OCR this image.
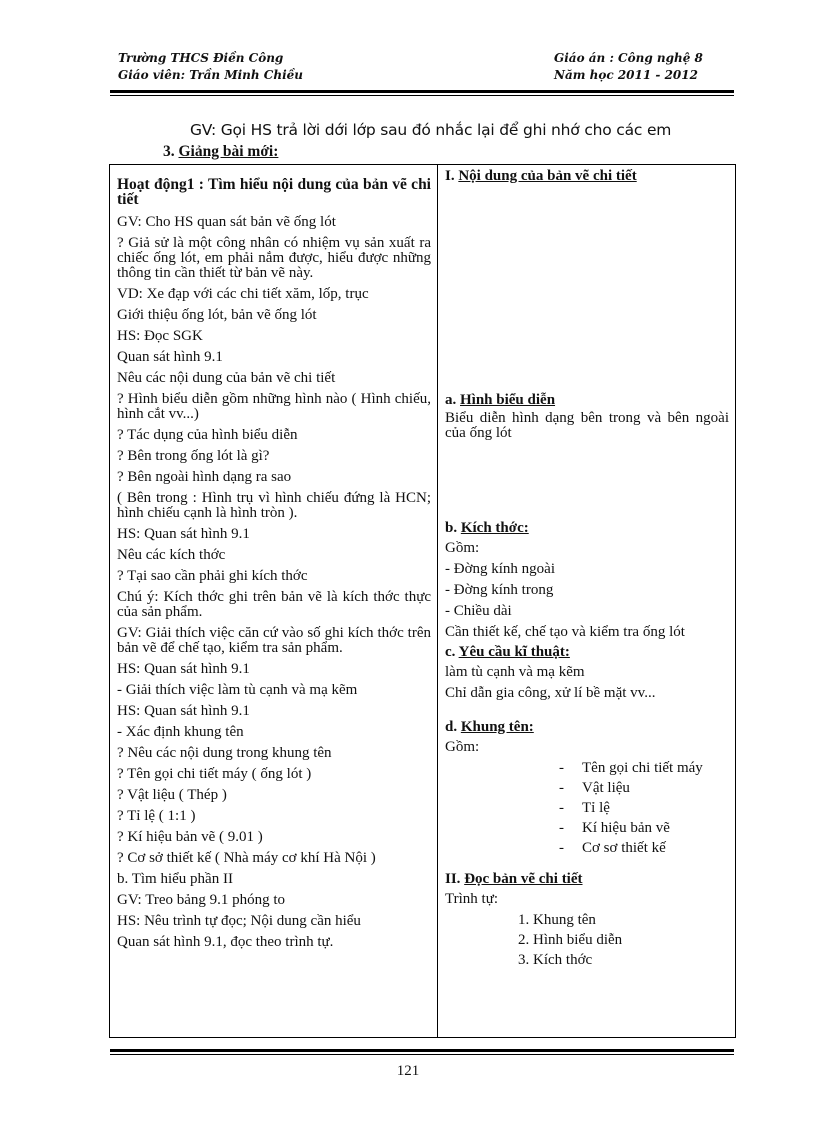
Trường THCS Điền Công
Giáo viên: Trần Minh Chiều
Giáo án : Công nghệ 8
Năm học 2011 - 2012
GV: Gọi HS trả lời dới lớp sau đó nhắc lại để ghi nhớ cho các em
3. Giảng bài mới:
Hoạt động1 : Tìm hiểu nội dung của bản vẽ chi tiết
GV: Cho HS quan sát bản vẽ ống lót
? Giả sử là một công nhân có nhiệm vụ sản xuất ra chiếc ống lót, em phải nắm được, hiểu được những thông tin cần thiết từ bản vẽ này.
VD: Xe đạp với các chi tiết xăm, lốp, trục
Giới thiệu ống lót, bản vẽ ống lót
HS: Đọc SGK
Quan sát hình 9.1
Nêu các nội dung của bản vẽ chi tiết
? Hình biểu diễn gồm những hình nào ( Hình chiếu, hình cắt vv...)
? Tác dụng của hình biểu diễn
? Bên trong ống lót là gì?
? Bên ngoài hình dạng ra sao
( Bên trong : Hình trụ vì hình chiếu đứng là HCN; hình chiếu cạnh là hình tròn ).
HS: Quan sát hình 9.1
Nêu các kích thớc
? Tại sao cần phải ghi kích thớc
Chú ý: Kích thớc ghi trên bản vẽ là kích thớc thực của sản phẩm.
GV: Giải thích việc căn cứ vào số ghi kích thớc trên bản vẽ để chế tạo, kiểm tra sản phẩm.
HS: Quan sát hình 9.1
- Giải thích việc làm tù cạnh và mạ kẽm
HS: Quan sát hình 9.1
- Xác định khung tên
? Nêu các nội dung trong khung tên
? Tên gọi chi tiết máy ( ống lót )
? Vật liệu ( Thép )
? Tỉ lệ ( 1:1 )
? Kí hiệu bản vẽ ( 9.01 )
? Cơ sở thiết kế ( Nhà máy cơ khí Hà Nội )
b. Tìm hiểu phần II
GV: Treo bảng 9.1 phóng to
HS: Nêu trình tự đọc; Nội dung cần hiểu
Quan sát hình 9.1, đọc theo trình tự.
I. Nội dung của bản vẽ chi tiết
a. Hình biểu diễn
Biểu diễn hình dạng bên trong và bên ngoài của ống lót
b. Kích thớc:
Gồm:
- Đờng kính ngoài
- Đờng kính trong
- Chiều dài
Cần thiết kế, chế tạo và kiểm tra ống lót
c. Yêu cầu kĩ thuật:
làm tù cạnh và mạ kẽm
Chỉ dẫn gia công, xử lí bề mặt vv...
d. Khung tên:
Gồm:
- Tên gọi chi tiết máy
- Vật liệu
- Tỉ lệ
- Kí hiệu bản vẽ
- Cơ sơ thiết kế
II. Đọc bản vẽ chi tiết
Trình tự:
1. Khung tên
2. Hình biểu diễn
3. Kích thớc
121
